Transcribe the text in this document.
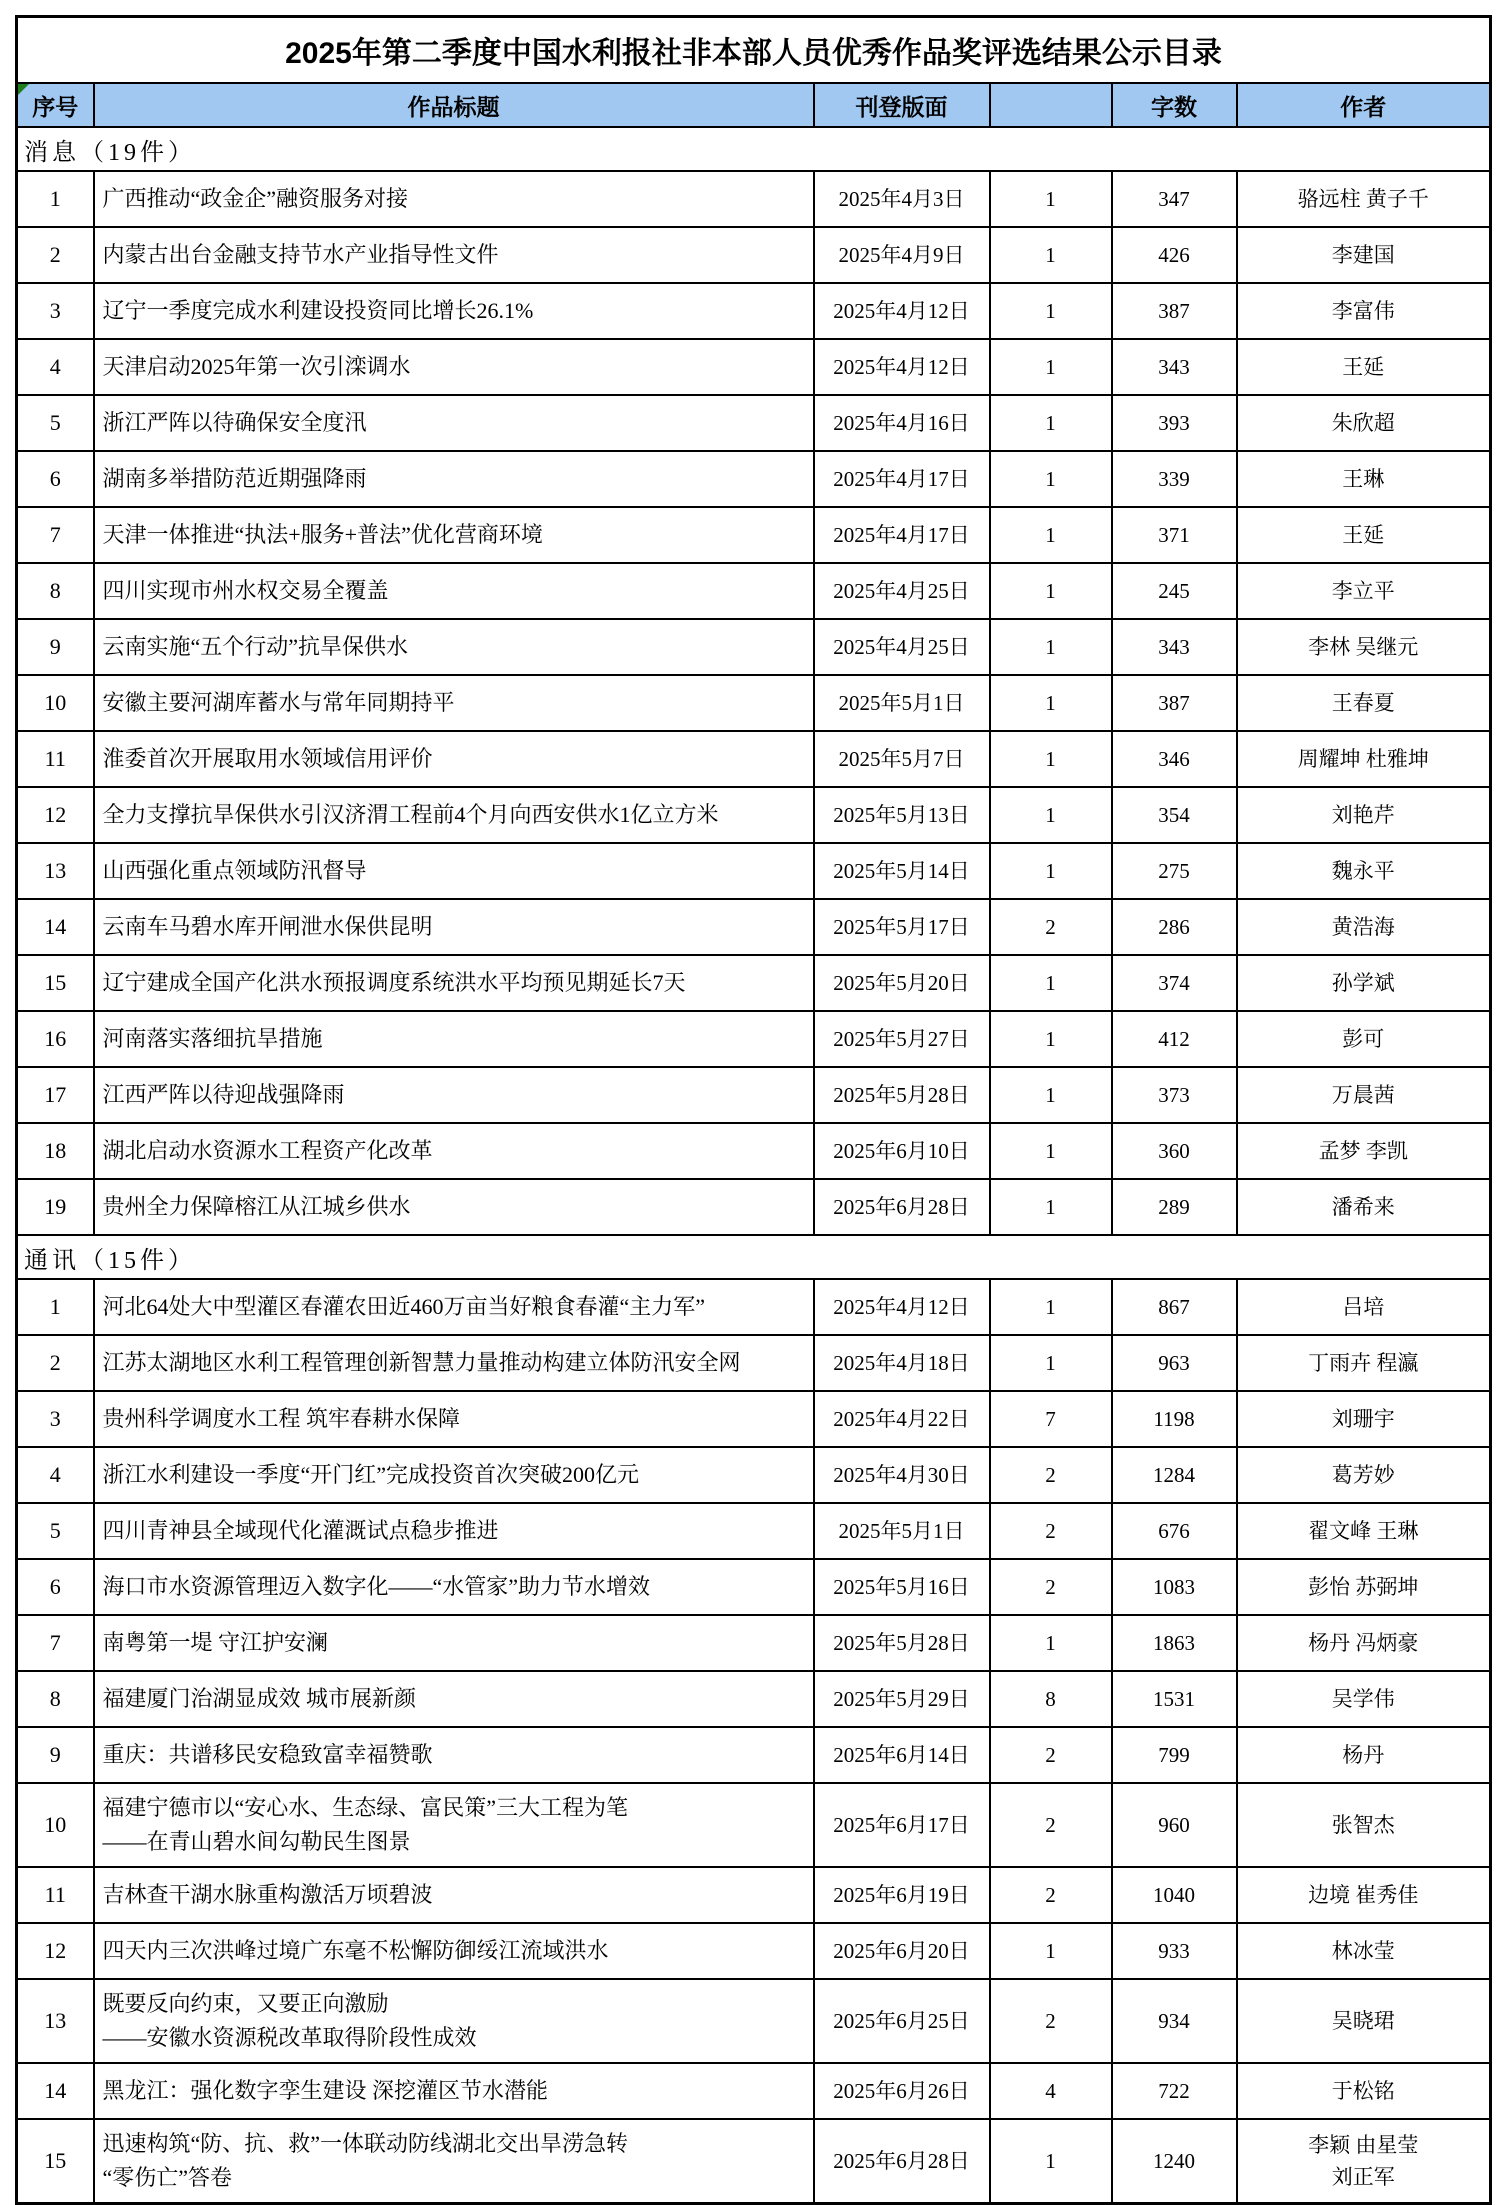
2025年第二季度中国水利报社非本部人员优秀作品奖评选结果公示目录					

序号	作品标题	刊登版面		字数	作者
消息（19件）					
1	广西推动“政金企”融资服务对接	2025年4月3日	1	347	骆远柱 黄子千
2	内蒙古出台金融支持节水产业指导性文件	2025年4月9日	1	426	李建国
3	辽宁一季度完成水利建设投资同比增长26.1%	2025年4月12日	1	387	李富伟
4	天津启动2025年第一次引滦调水	2025年4月12日	1	343	王延
5	浙江严阵以待确保安全度汛	2025年4月16日	1	393	朱欣超
6	湖南多举措防范近期强降雨	2025年4月17日	1	339	王琳
7	天津一体推进“执法+服务+普法”优化营商环境	2025年4月17日	1	371	王延
8	四川实现市州水权交易全覆盖	2025年4月25日	1	245	李立平
9	云南实施“五个行动”抗旱保供水	2025年4月25日	1	343	李林 吴继元
10	安徽主要河湖库蓄水与常年同期持平	2025年5月1日	1	387	王春夏
11	淮委首次开展取用水领域信用评价	2025年5月7日	1	346	周耀坤 杜雅坤
12	全力支撑抗旱保供水引汉济渭工程前4个月向西安供水1亿立方米	2025年5月13日	1	354	刘艳芹
13	山西强化重点领域防汛督导	2025年5月14日	1	275	魏永平
14	云南车马碧水库开闸泄水保供昆明	2025年5月17日	2	286	黄浩海
15	辽宁建成全国产化洪水预报调度系统洪水平均预见期延长7天	2025年5月20日	1	374	孙学斌
16	河南落实落细抗旱措施	2025年5月27日	1	412	彭可
17	江西严阵以待迎战强降雨	2025年5月28日	1	373	万晨茜
18	湖北启动水资源水工程资产化改革	2025年6月10日	1	360	孟梦 李凯
19	贵州全力保障榕江从江城乡供水	2025年6月28日	1	289	潘希来
通讯（15件）					
1	河北64处大中型灌区春灌农田近460万亩当好粮食春灌“主力军”	2025年4月12日	1	867	吕培
2	江苏太湖地区水利工程管理创新智慧力量推动构建立体防汛安全网	2025年4月18日	1	963	丁雨卉 程瀛
3	贵州科学调度水工程 筑牢春耕水保障	2025年4月22日	7	1198	刘珊宇
4	浙江水利建设一季度“开门红”完成投资首次突破200亿元	2025年4月30日	2	1284	葛芳妙
5	四川青神县全域现代化灌溉试点稳步推进	2025年5月1日	2	676	翟文峰 王琳
6	海口市水资源管理迈入数字化——“水管家”助力节水增效	2025年5月16日	2	1083	彭怡 苏弼坤
7	南粤第一堤 守江护安澜	2025年5月28日	1	1863	杨丹 冯炳豪
8	福建厦门治湖显成效 城市展新颜	2025年5月29日	8	1531	吴学伟
9	重庆：共谱移民安稳致富幸福赞歌	2025年6月14日	2	799	杨丹
10	福建宁德市以“安心水、生态绿、富民策”三大工程为笔
——在青山碧水间勾勒民生图景	2025年6月17日	2	960	张智杰
11	吉林查干湖水脉重构激活万顷碧波	2025年6月19日	2	1040	边境 崔秀佳
12	四天内三次洪峰过境广东毫不松懈防御绥江流域洪水	2025年6月20日	1	933	林冰莹
13	既要反向约束，又要正向激励
——安徽水资源税改革取得阶段性成效	2025年6月25日	2	934	吴晓珺
14	黑龙江：强化数字孪生建设 深挖灌区节水潜能	2025年6月26日	4	722	于松铭
15	迅速构筑“防、抗、救”一体联动防线湖北交出旱涝急转
“零伤亡”答卷	2025年6月28日	1	1240	李颖 由星莹
刘正军
